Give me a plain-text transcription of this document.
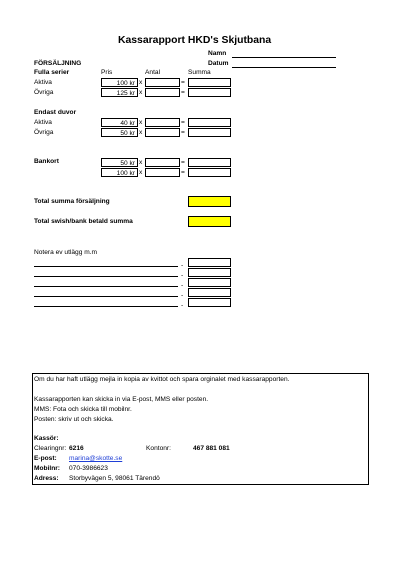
Kassarapport HKD's Skjutbana
Namn
Datum
FÖRSÄLJNING
Fulla serier	Pris	Antal	Summa
Aktiva	100 kr x	=
Övriga	125 kr x	=
Endast duvor
Aktiva	40 kr x	=
Övriga	50 kr x	=
Bankort	50 kr x	=
100 kr x	=
Total summa försäljning
Total swish/bank betald summa
Notera ev utlägg m.m
-
-
-
-
-
Om du har haft utlägg mejla in kopia av kvittot och spara orginalet med kassarapporten.
Kassarapporten kan skicka in via E-post, MMS eller posten.
MMS: Fota och skicka till mobilnr.
Posten: skriv ut och skicka.
Kassör:
Clearingnr: 6216	Kontonr:	467 881 081
E-post: marina@skotte.se
Mobilnr: 070-3986623
Adress: Storbyvägen 5, 98061 Tärendö
